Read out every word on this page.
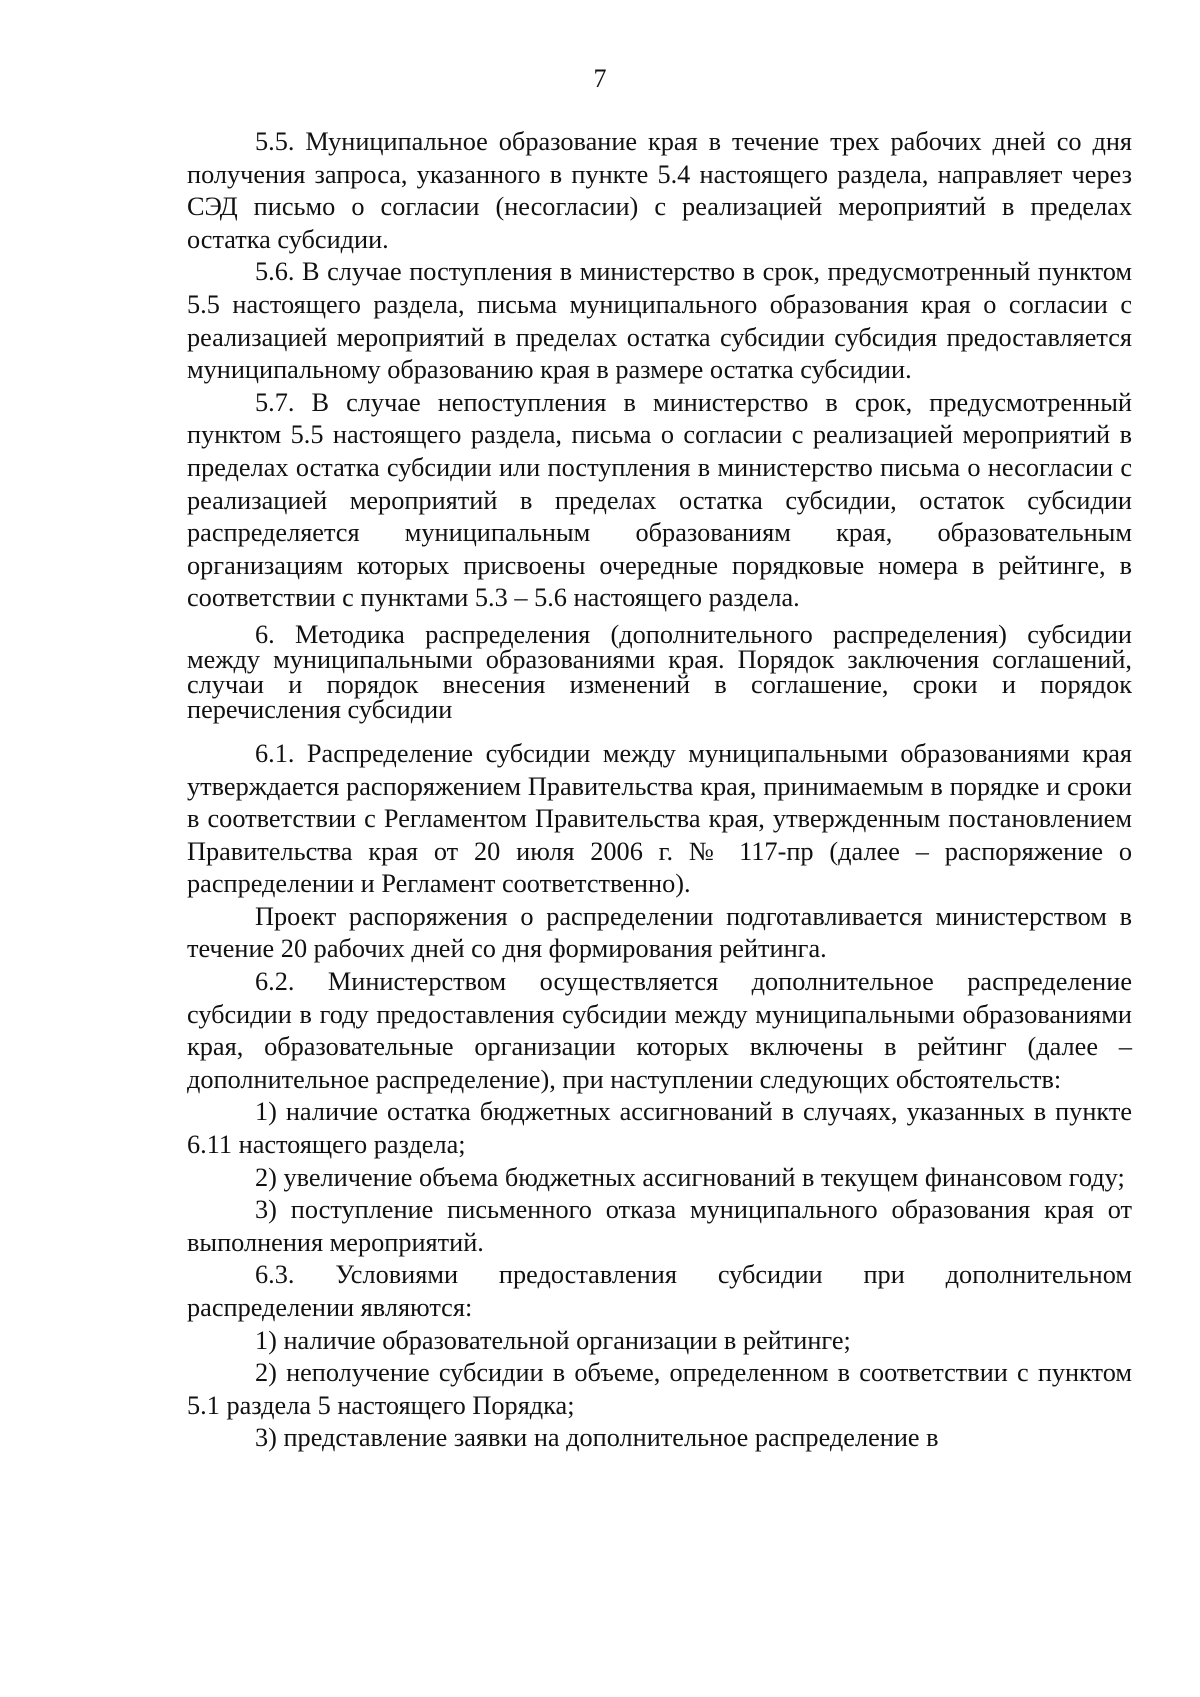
7

5.5. Муниципальное образование края в течение трех рабочих дней со дня получения запроса, указанного в пункте 5.4 настоящего раздела, направляет через СЭД письмо о согласии (несогласии) с реализацией мероприятий в пределах остатка субсидии.

5.6. В случае поступления в министерство в срок, предусмотренный пунктом 5.5 настоящего раздела, письма муниципального образования края о согласии с реализацией мероприятий в пределах остатка субсидии субсидия предоставляется муниципальному образованию края в размере остатка субсидии.

5.7. В случае непоступления в министерство в срок, предусмотренный пунктом 5.5 настоящего раздела, письма о согласии с реализацией мероприятий в пределах остатка субсидии или поступления в министерство письма о несогласии с реализацией мероприятий в пределах остатка субсидии, остаток субсидии распределяется муниципальным образованиям края, образовательным организациям которых присвоены очередные порядковые номера в рейтинге, в соответствии с пунктами 5.3 – 5.6 настоящего раздела.

6. Методика распределения (дополнительного распределения) субсидии между муниципальными образованиями края. Порядок заключения соглашений, случаи и порядок внесения изменений в соглашение, сроки и порядок перечисления субсидии

6.1. Распределение субсидии между муниципальными образованиями края утверждается распоряжением Правительства края, принимаемым в порядке и сроки в соответствии с Регламентом Правительства края, утвержденным постановлением Правительства края от 20 июля 2006 г. № 117-пр (далее – распоряжение о распределении и Регламент соответственно).

Проект распоряжения о распределении подготавливается министерством в течение 20 рабочих дней со дня формирования рейтинга.

6.2. Министерством осуществляется дополнительное распределение субсидии в году предоставления субсидии между муниципальными образованиями края, образовательные организации которых включены в рейтинг (далее – дополнительное распределение), при наступлении следующих обстоятельств:

1) наличие остатка бюджетных ассигнований в случаях, указанных в пункте 6.11 настоящего раздела;

2) увеличение объема бюджетных ассигнований в текущем финансовом году;

3) поступление письменного отказа муниципального образования края от выполнения мероприятий.

6.3. Условиями предоставления субсидии при дополнительном распределении являются:

1) наличие образовательной организации в рейтинге;

2) неполучение субсидии в объеме, определенном в соответствии с пунктом 5.1 раздела 5 настоящего Порядка;

3) представление заявки на дополнительное распределение в
